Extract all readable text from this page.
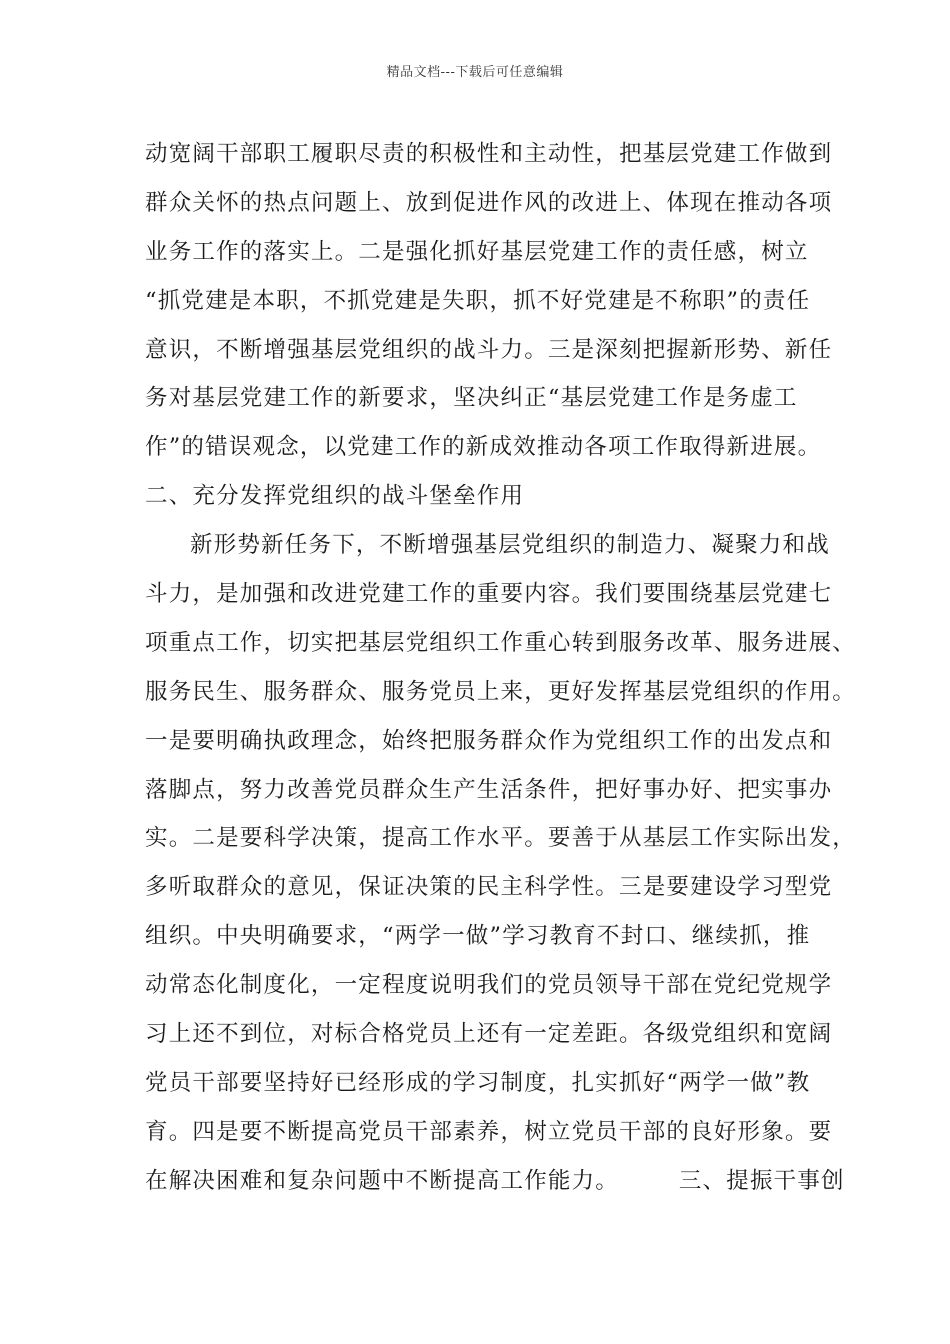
精品文档---下载后可任意编辑
动宽阔干部职工履职尽责的积极性和主动性，把基层党建工作做到
群众关怀的热点问题上、放到促进作风的改进上、体现在推动各项
业务工作的落实上。二是强化抓好基层党建工作的责任感，树立
“抓党建是本职，不抓党建是失职，抓不好党建是不称职”的责任
意识，不断增强基层党组织的战斗力。三是深刻把握新形势、新任
务对基层党建工作的新要求，坚决纠正“基层党建工作是务虚工
作”的错误观念，以党建工作的新成效推动各项工作取得新进展。
二、充分发挥党组织的战斗堡垒作用
新形势新任务下，不断增强基层党组织的制造力、凝聚力和战
斗力，是加强和改进党建工作的重要内容。我们要围绕基层党建七
项重点工作，切实把基层党组织工作重心转到服务改革、服务进展、
服务民生、服务群众、服务党员上来，更好发挥基层党组织的作用。
一是要明确执政理念，始终把服务群众作为党组织工作的出发点和
落脚点，努力改善党员群众生产生活条件，把好事办好、把实事办
实。二是要科学决策，提高工作水平。要善于从基层工作实际出发，
多听取群众的意见，保证决策的民主科学性。三是要建设学习型党
组织。中央明确要求，“两学一做”学习教育不封口、继续抓，推
动常态化制度化，一定程度说明我们的党员领导干部在党纪党规学
习上还不到位，对标合格党员上还有一定差距。各级党组织和宽阔
党员干部要坚持好已经形成的学习制度，扎实抓好“两学一做”教
育。四是要不断提高党员干部素养，树立党员干部的良好形象。要
在解决困难和复杂问题中不断提高工作能力。　　　三、提振干事创
